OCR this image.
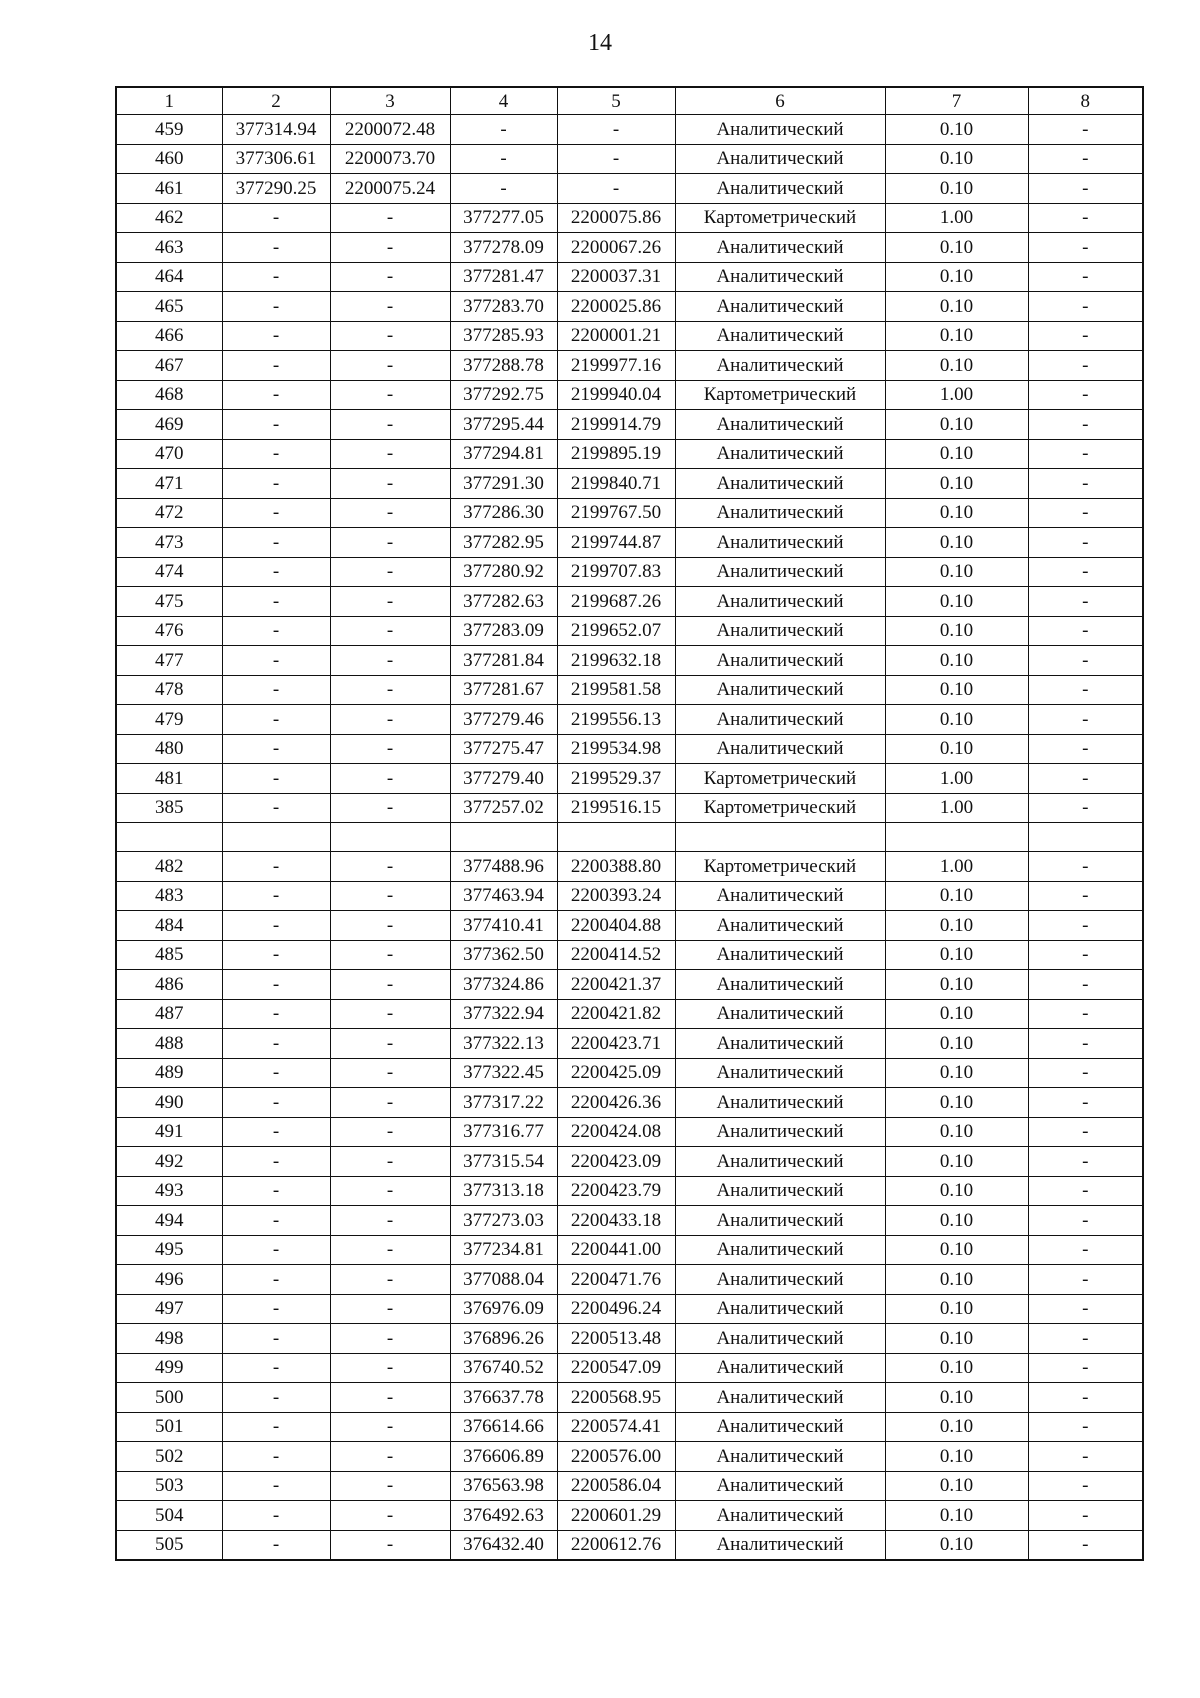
14
1	2	3	4	5	6	7	8
459	377314.94	2200072.48	-	-	Аналитический	0.10	-
460	377306.61	2200073.70	-	-	Аналитический	0.10	-
461	377290.25	2200075.24	-	-	Аналитический	0.10	-
462	-	-	377277.05	2200075.86	Картометрический	1.00	-
463	-	-	377278.09	2200067.26	Аналитический	0.10	-
464	-	-	377281.47	2200037.31	Аналитический	0.10	-
465	-	-	377283.70	2200025.86	Аналитический	0.10	-
466	-	-	377285.93	2200001.21	Аналитический	0.10	-
467	-	-	377288.78	2199977.16	Аналитический	0.10	-
468	-	-	377292.75	2199940.04	Картометрический	1.00	-
469	-	-	377295.44	2199914.79	Аналитический	0.10	-
470	-	-	377294.81	2199895.19	Аналитический	0.10	-
471	-	-	377291.30	2199840.71	Аналитический	0.10	-
472	-	-	377286.30	2199767.50	Аналитический	0.10	-
473	-	-	377282.95	2199744.87	Аналитический	0.10	-
474	-	-	377280.92	2199707.83	Аналитический	0.10	-
475	-	-	377282.63	2199687.26	Аналитический	0.10	-
476	-	-	377283.09	2199652.07	Аналитический	0.10	-
477	-	-	377281.84	2199632.18	Аналитический	0.10	-
478	-	-	377281.67	2199581.58	Аналитический	0.10	-
479	-	-	377279.46	2199556.13	Аналитический	0.10	-
480	-	-	377275.47	2199534.98	Аналитический	0.10	-
481	-	-	377279.40	2199529.37	Картометрический	1.00	-
385	-	-	377257.02	2199516.15	Картометрический	1.00	-

482	-	-	377488.96	2200388.80	Картометрический	1.00	-
483	-	-	377463.94	2200393.24	Аналитический	0.10	-
484	-	-	377410.41	2200404.88	Аналитический	0.10	-
485	-	-	377362.50	2200414.52	Аналитический	0.10	-
486	-	-	377324.86	2200421.37	Аналитический	0.10	-
487	-	-	377322.94	2200421.82	Аналитический	0.10	-
488	-	-	377322.13	2200423.71	Аналитический	0.10	-
489	-	-	377322.45	2200425.09	Аналитический	0.10	-
490	-	-	377317.22	2200426.36	Аналитический	0.10	-
491	-	-	377316.77	2200424.08	Аналитический	0.10	-
492	-	-	377315.54	2200423.09	Аналитический	0.10	-
493	-	-	377313.18	2200423.79	Аналитический	0.10	-
494	-	-	377273.03	2200433.18	Аналитический	0.10	-
495	-	-	377234.81	2200441.00	Аналитический	0.10	-
496	-	-	377088.04	2200471.76	Аналитический	0.10	-
497	-	-	376976.09	2200496.24	Аналитический	0.10	-
498	-	-	376896.26	2200513.48	Аналитический	0.10	-
499	-	-	376740.52	2200547.09	Аналитический	0.10	-
500	-	-	376637.78	2200568.95	Аналитический	0.10	-
501	-	-	376614.66	2200574.41	Аналитический	0.10	-
502	-	-	376606.89	2200576.00	Аналитический	0.10	-
503	-	-	376563.98	2200586.04	Аналитический	0.10	-
504	-	-	376492.63	2200601.29	Аналитический	0.10	-
505	-	-	376432.40	2200612.76	Аналитический	0.10	-
